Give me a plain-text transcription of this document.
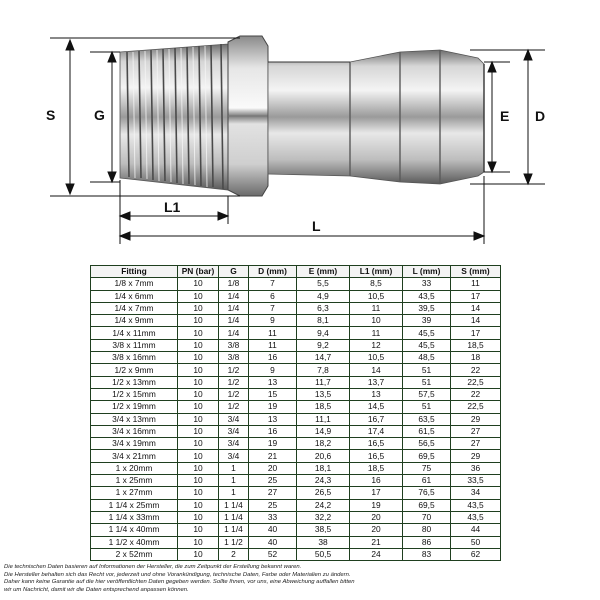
S	G
L1
L
E D
Fitting	PN (bar)	G	D (mm)	E (mm)	L1 (mm)	L (mm)	S (mm)
1/8 x 7mm	10	1/8	7	5,5	8,5	33	11
1/4 x 6mm	10	1/4	6	4,9	10,5	43,5	17
1/4 x 7mm	10	1/4	7	6,3	11	39,5	14
1/4 x 9mm	10	1/4	9	8,1	10	39	14
1/4 x 11mm	10	1/4	11	9,4	11	45,5	17
3/8 x 11mm	10	3/8	11	9,2	12	45,5	18,5
3/8 x 16mm	10	3/8	16	14,7	10,5	48,5	18
1/2 x 9mm	10	1/2	9	7,8	14	51	22
1/2 x 13mm	10	1/2	13	11,7	13,7	51	22,5
1/2 x 15mm	10	1/2	15	13,5	13	57,5	22
1/2 x 19mm	10	1/2	19	18,5	14,5	51	22,5
3/4 x 13mm	10	3/4	13	11,1	16,7	63,5	29
3/4 x 16mm	10	3/4	16	14,9	17,4	61,5	27
3/4 x 19mm	10	3/4	19	18,2	16,5	56,5	27
3/4 x 21mm	10	3/4	21	20,6	16,5	69,5	29
1 x 20mm	10	1	20	18,1	18,5	75	36
1 x 25mm	10	1	25	24,3	16	61	33,5
1 x 27mm	10	1	27	26,5	17	76,5	34
1 1/4 x 25mm	10	1 1/4	25	24,2	19	69,5	43,5
1 1/4 x 33mm	10	1 1/4	33	32,2	20	70	43,5
1 1/4 x 40mm	10	1 1/4	40	38,5	20	80	44
1 1/2 x 40mm	10	1 1/2	40	38	21	86	50
2 x 52mm	10	2	52	50,5	24	83	62
Die technischen Daten basieren auf Informationen der Hersteller, die zum Zeitpunkt der Erstellung bekannt waren.
Die Hersteller behalten sich das Recht vor, jederzeit und ohne Vorankündigung, technische Daten, Farbe oder Materialien zu ändern.
Daher kann keine Garantie auf die hier veröffentlichten Daten gegeben werden. Sollte Ihnen, vor uns, eine Abweichung auffallen bitten
wir um Nachricht, damit wir die Daten entsprechend anpassen können.
